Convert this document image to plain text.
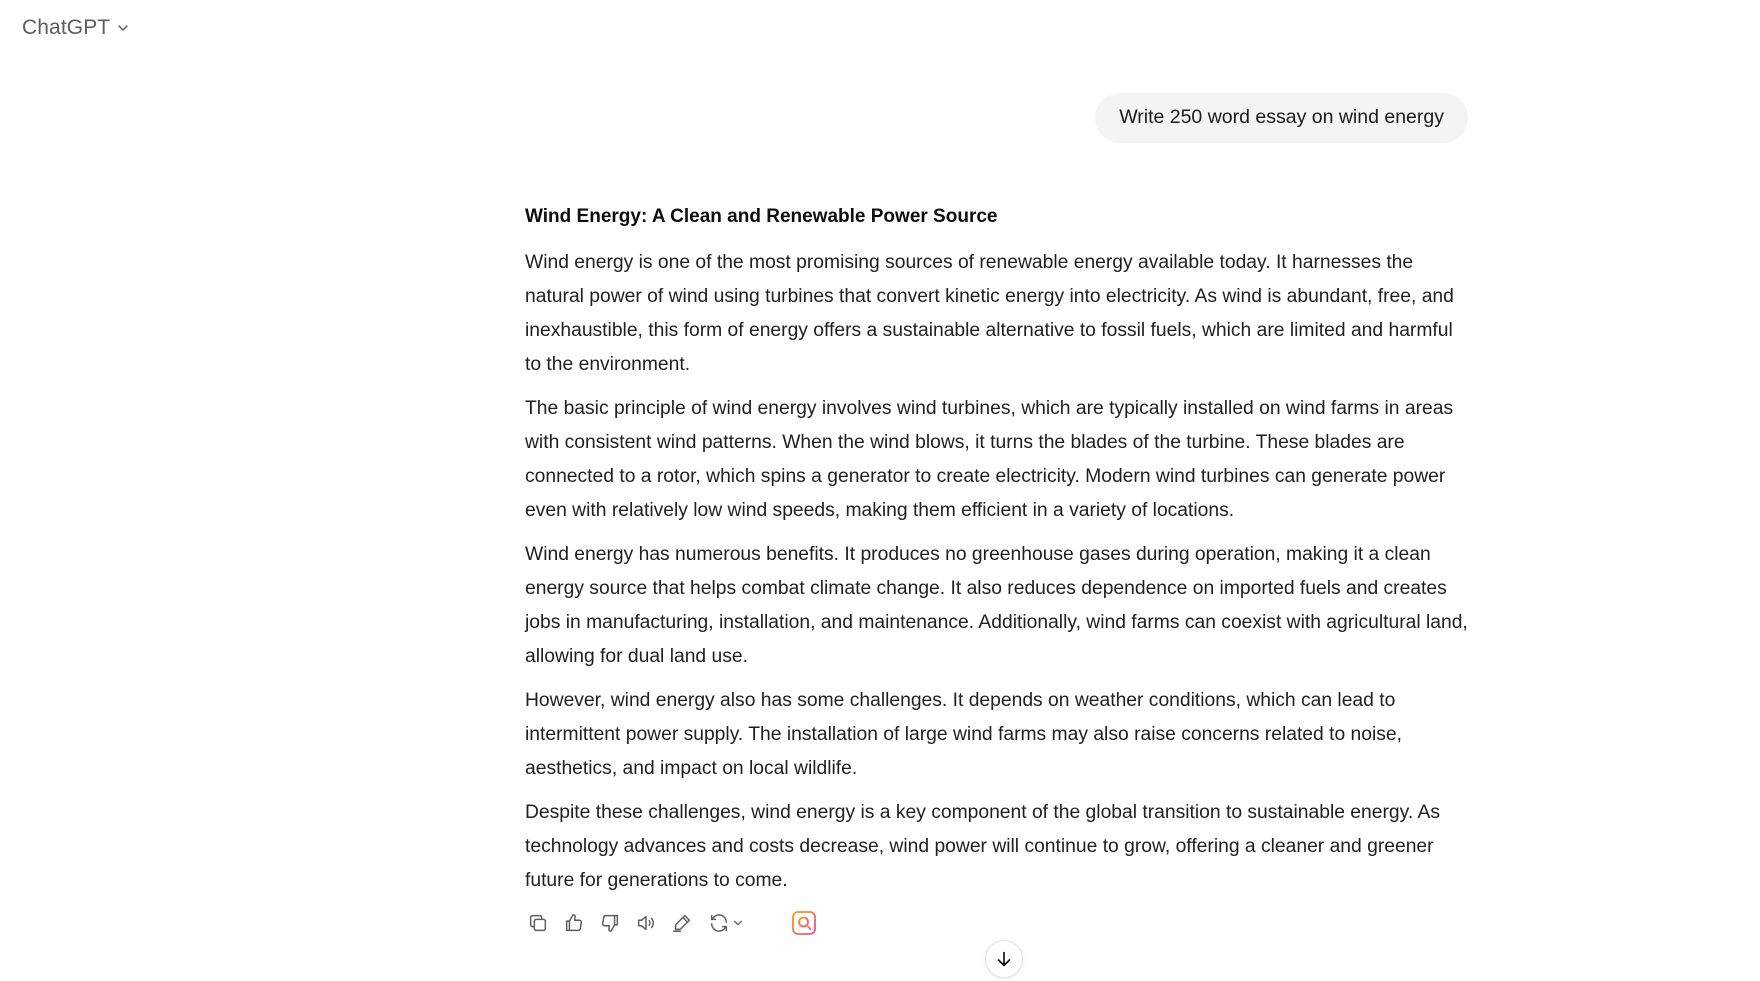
ChatGPT
Write 250 word essay on wind energy

Wind Energy: A Clean and Renewable Power Source

Wind energy is one of the most promising sources of renewable energy available today. It harnesses the natural power of wind using turbines that convert kinetic energy into electricity. As wind is abundant, free, and inexhaustible, this form of energy offers a sustainable alternative to fossil fuels, which are limited and harmful to the environment.

The basic principle of wind energy involves wind turbines, which are typically installed on wind farms in areas with consistent wind patterns. When the wind blows, it turns the blades of the turbine. These blades are connected to a rotor, which spins a generator to create electricity. Modern wind turbines can generate power even with relatively low wind speeds, making them efficient in a variety of locations.

Wind energy has numerous benefits. It produces no greenhouse gases during operation, making it a clean energy source that helps combat climate change. It also reduces dependence on imported fuels and creates jobs in manufacturing, installation, and maintenance. Additionally, wind farms can coexist with agricultural land, allowing for dual land use.

However, wind energy also has some challenges. It depends on weather conditions, which can lead to intermittent power supply. The installation of large wind farms may also raise concerns related to noise, aesthetics, and impact on local wildlife.

Despite these challenges, wind energy is a key component of the global transition to sustainable energy. As technology advances and costs decrease, wind power will continue to grow, offering a cleaner and greener future for generations to come.
